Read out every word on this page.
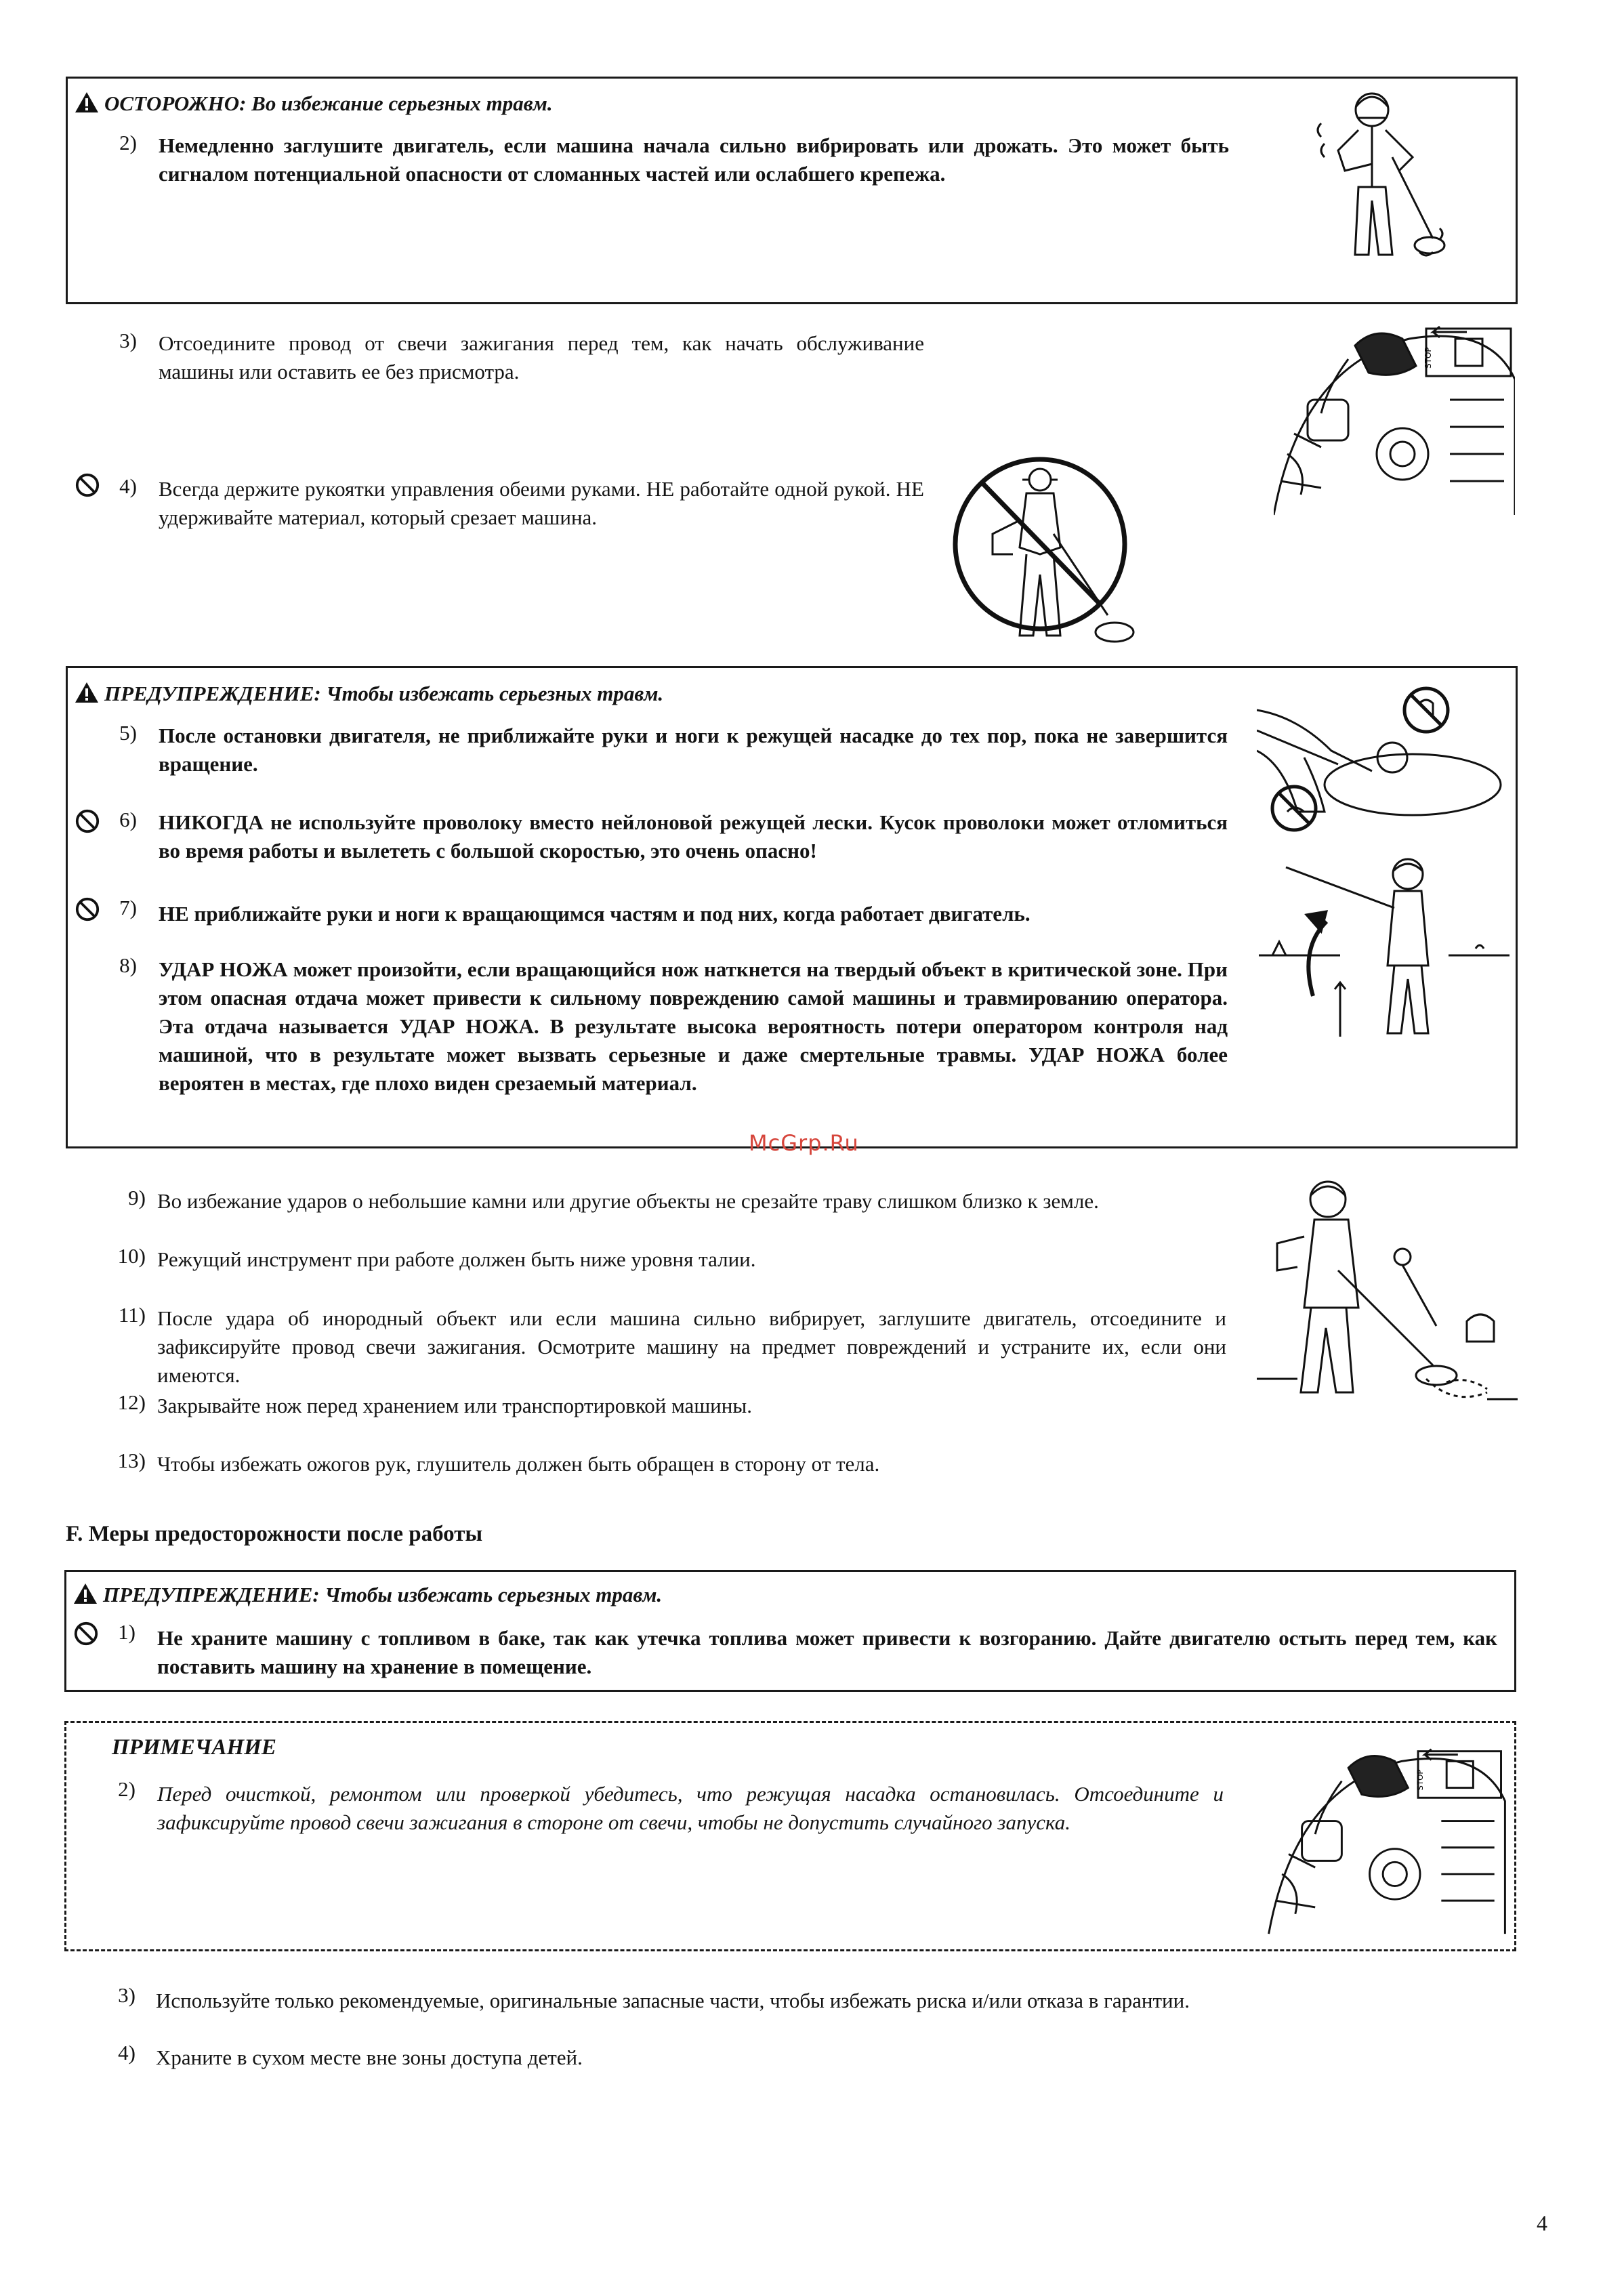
ОСТОРОЖНО: Во избежание серьезных травм.
2) Немедленно заглушите двигатель, если машина начала сильно вибрировать или дрожать. Это может быть сигналом потенциальной опасности от сломанных частей или ослабшего крепежа.
3) Отсоедините провод от свечи зажигания перед тем, как начать обслуживание машины или оставить ее без присмотра.
STOP
4) Всегда держите рукоятки управления обеими руками. НЕ работайте одной рукой. НЕ удерживайте материал, который срезает машина.
ПРЕДУПРЕЖДЕНИЕ: Чтобы избежать серьезных травм.
5) После остановки двигателя, не приближайте руки и ноги к режущей насадке до тех пор, пока не завершится вращение.
6) НИКОГДА не используйте проволоку вместо нейлоновой режущей лески. Кусок проволоки может отломиться во время работы и вылететь с большой скоростью, это очень опасно!
7) НЕ приближайте руки и ноги к вращающимся частям и под них, когда работает двигатель.
8) УДАР НОЖА может произойти, если вращающийся нож наткнется на твердый объект в критической зоне. При этом опасная отдача может привести к сильному повреждению самой машины и травмированию оператора. Эта отдача называется УДАР НОЖА. В результате высока вероятность потери оператором контроля над машиной, что в результате может вызвать серьезные и даже смертельные травмы. УДАР НОЖА более вероятен в местах, где плохо виден срезаемый материал.
McGrp.Ru
9) Во избежание ударов о небольшие камни или другие объекты не срезайте траву слишком близко к земле.
10) Режущий инструмент при работе должен быть ниже уровня талии.
11) После удара об инородный объект или если машина сильно вибрирует, заглушите двигатель, отсоедините и зафиксируйте провод свечи зажигания. Осмотрите машину на предмет повреждений и устраните их, если они имеются.
12) Закрывайте нож перед хранением или транспортировкой машины.
13) Чтобы избежать ожогов рук, глушитель должен быть обращен в сторону от тела.
F. Меры предосторожности после работы
ПРЕДУПРЕЖДЕНИЕ: Чтобы избежать серьезных травм.
1) Не храните машину с топливом в баке, так как утечка топлива может привести к возгоранию. Дайте двигателю остыть перед тем, как поставить машину на хранение в помещение.
ПРИМЕЧАНИЕ
2) Перед очисткой, ремонтом или проверкой убедитесь, что режущая насадка остановилась. Отсоедините и зафиксируйте провод свечи зажигания в стороне от свечи, чтобы не допустить случайного запуска.
STOP
3) Используйте только рекомендуемые, оригинальные запасные части, чтобы избежать риска и/или отказа в гарантии.
4) Храните в сухом месте вне зоны доступа детей.
4
